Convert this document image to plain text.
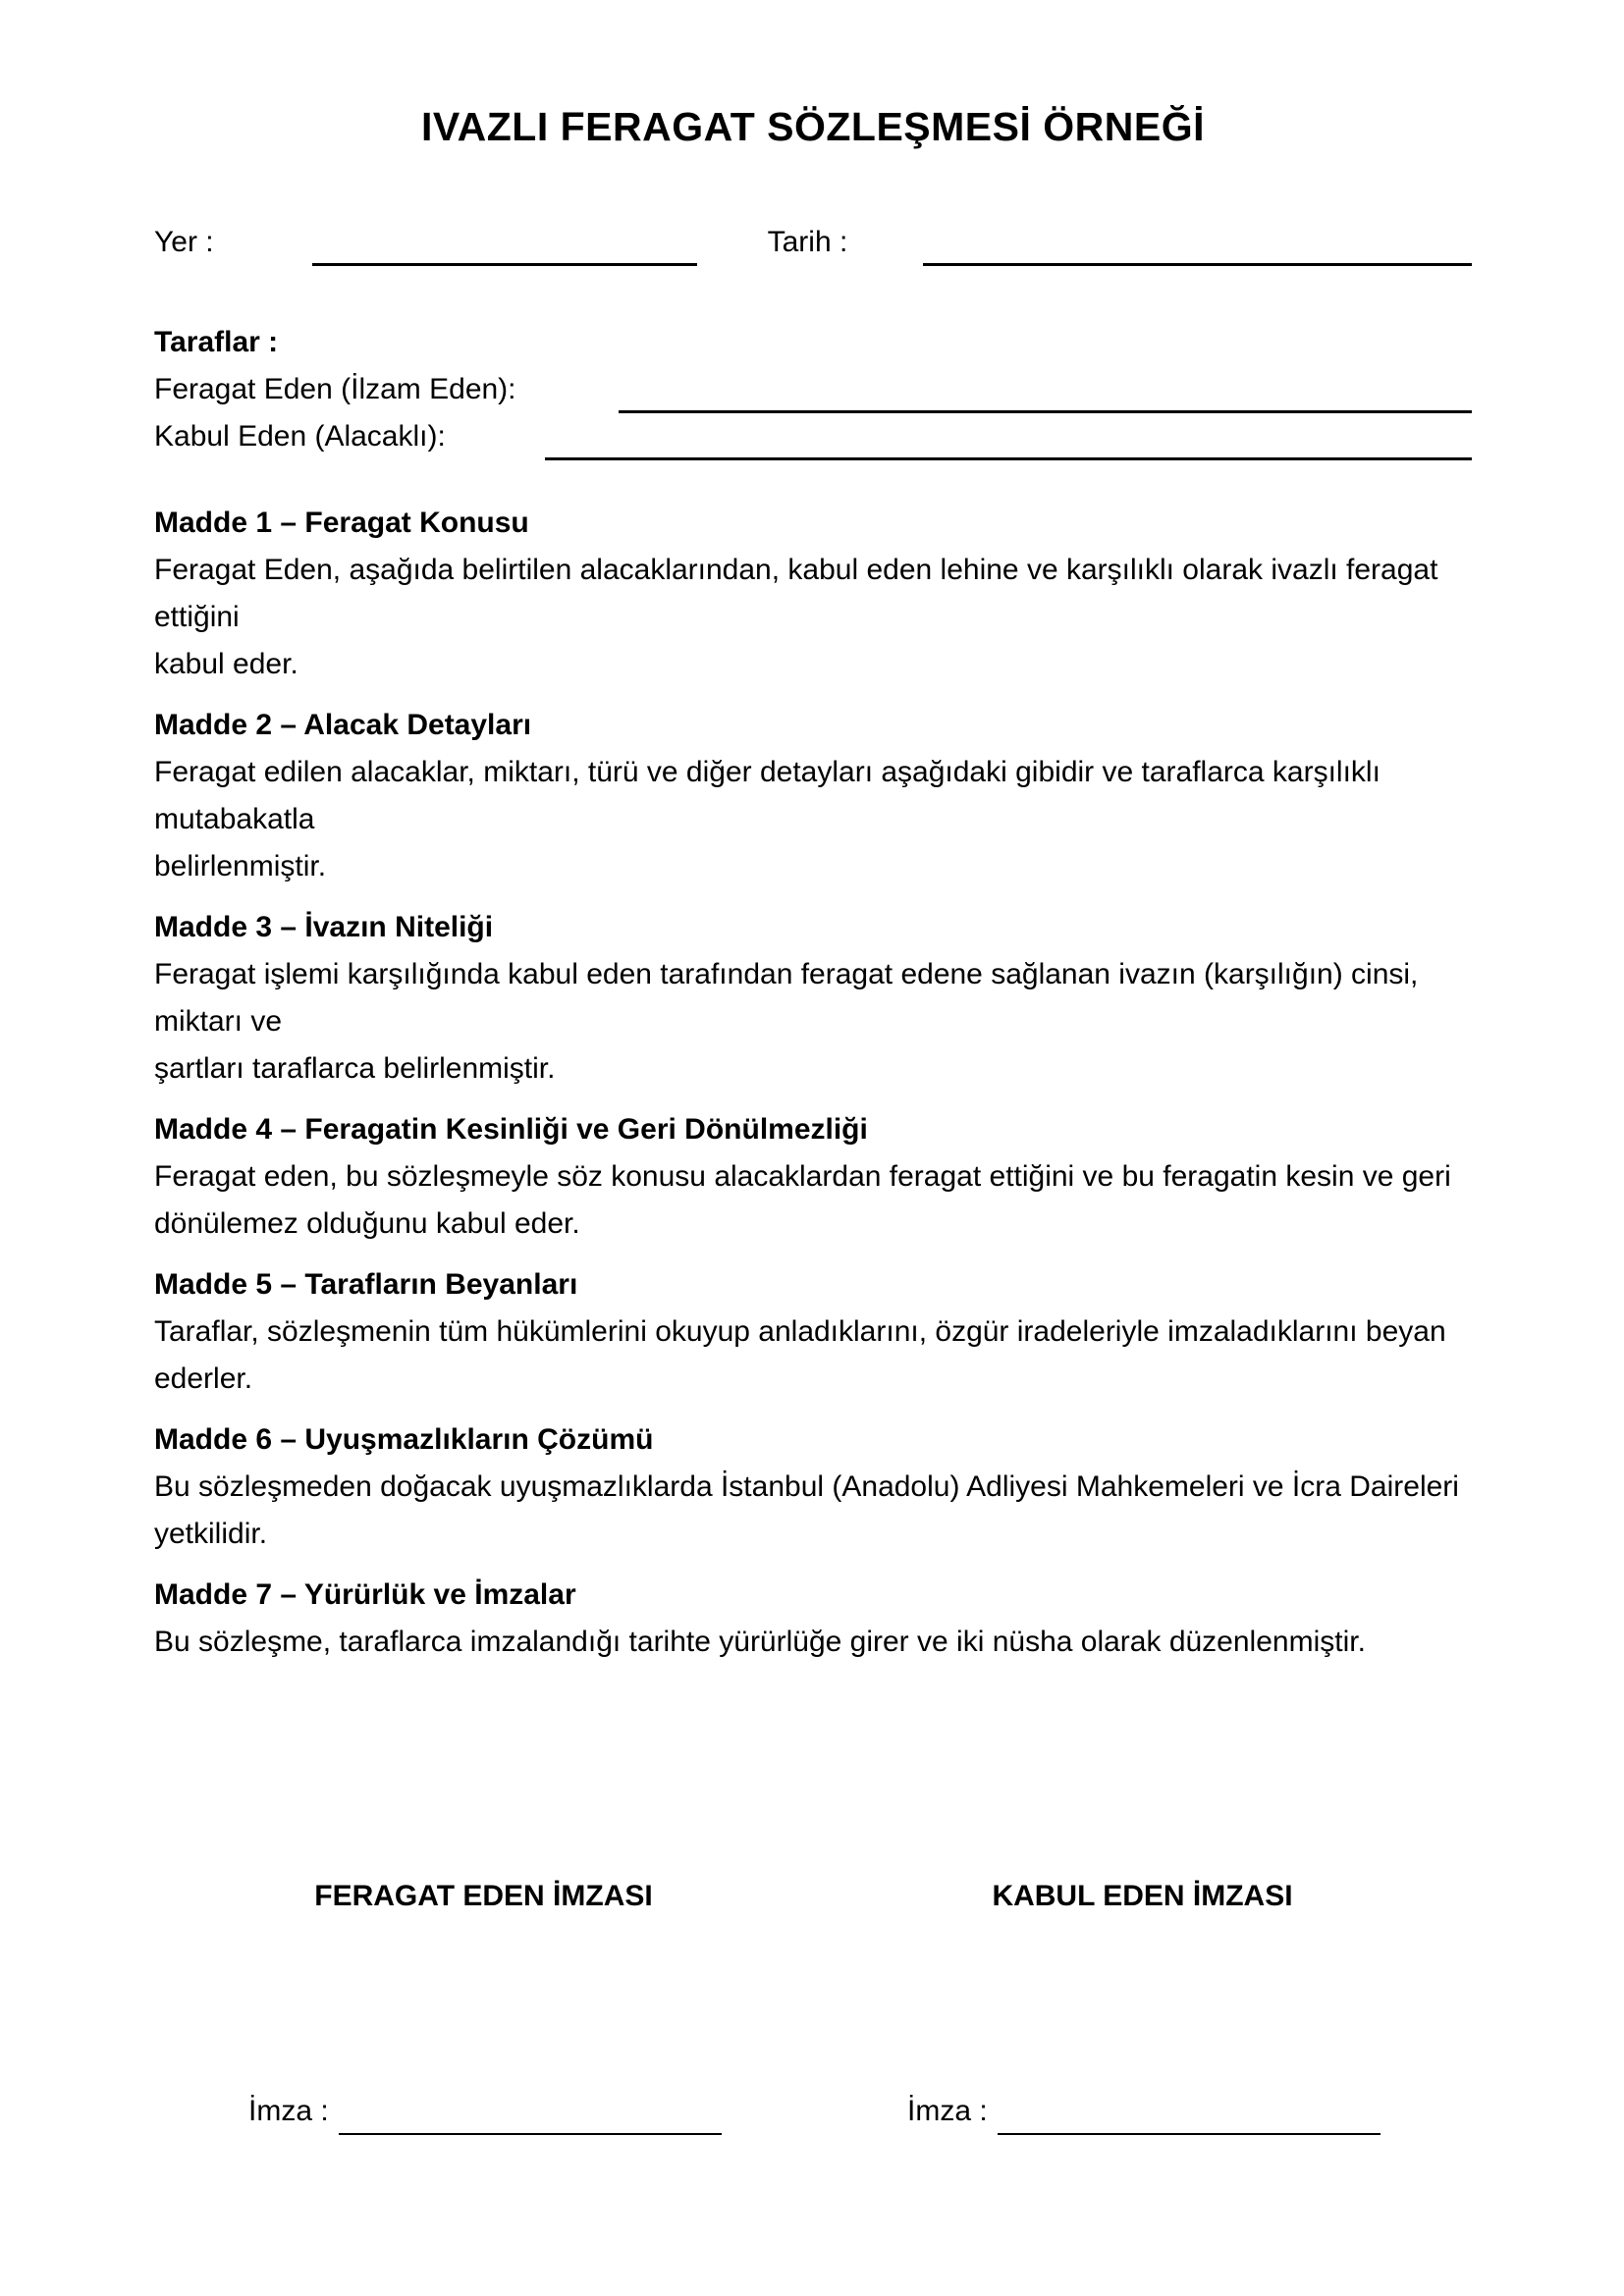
IVAZLI FERAGAT SÖZLEŞMESİ ÖRNEĞİ
Yer :	Tarih :

Taraflar :

Feragat Eden (İlzam Eden):
Kabul Eden (Alacaklı):
Madde 1 – Feragat Konusu
Feragat Eden, aşağıda belirtilen alacaklarından, kabul eden lehine ve karşılıklı olarak ivazlı feragat ettiğini
kabul eder.
Madde 2 – Alacak Detayları
Feragat edilen alacaklar, miktarı, türü ve diğer detayları aşağıdaki gibidir ve taraflarca karşılıklı mutabakatla
belirlenmiştir.
Madde 3 – İvazın Niteliği
Feragat işlemi karşılığında kabul eden tarafından feragat edene sağlanan ivazın (karşılığın) cinsi, miktarı ve
şartları taraflarca belirlenmiştir.
Madde 4 – Feragatin Kesinliği ve Geri Dönülmezliği
Feragat eden, bu sözleşmeyle söz konusu alacaklardan feragat ettiğini ve bu feragatin kesin ve geri
dönülemez olduğunu kabul eder.
Madde 5 – Tarafların Beyanları
Taraflar, sözleşmenin tüm hükümlerini okuyup anladıklarını, özgür iradeleriyle imzaladıklarını beyan ederler.
Madde 6 – Uyuşmazlıkların Çözümü
Bu sözleşmeden doğacak uyuşmazlıklarda İstanbul (Anadolu) Adliyesi Mahkemeleri ve İcra Daireleri
yetkilidir.
Madde 7 – Yürürlük ve İmzalar
Bu sözleşme, taraflarca imzalandığı tarihte yürürlüğe girer ve iki nüsha olarak düzenlenmiştir.
FERAGAT EDEN İMZASI	KABUL EDEN İMZASI
İmza :	İmza :
